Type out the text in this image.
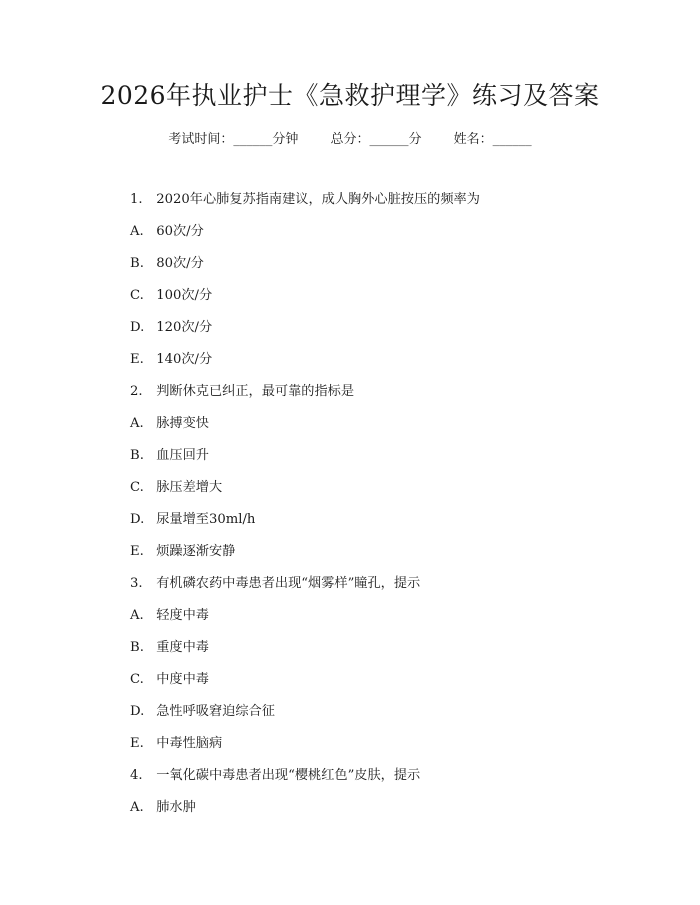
2026年执业护士《急救护理学》练习及答案
考试时间：______分钟 总分：______分 姓名：______
1. 2020年心肺复苏指南建议，成人胸外心脏按压的频率为
A. 60次/分
B. 80次/分
C. 100次/分
D. 120次/分
E. 140次/分
2. 判断休克已纠正，最可靠的指标是
A. 脉搏变快
B. 血压回升
C. 脉压差增大
D. 尿量增至30ml/h
E. 烦躁逐渐安静
3. 有机磷农药中毒患者出现“烟雾样”瞳孔，提示
A. 轻度中毒
B. 重度中毒
C. 中度中毒
D. 急性呼吸窘迫综合征
E. 中毒性脑病
4. 一氧化碳中毒患者出现“樱桃红色”皮肤，提示
A. 肺水肿
